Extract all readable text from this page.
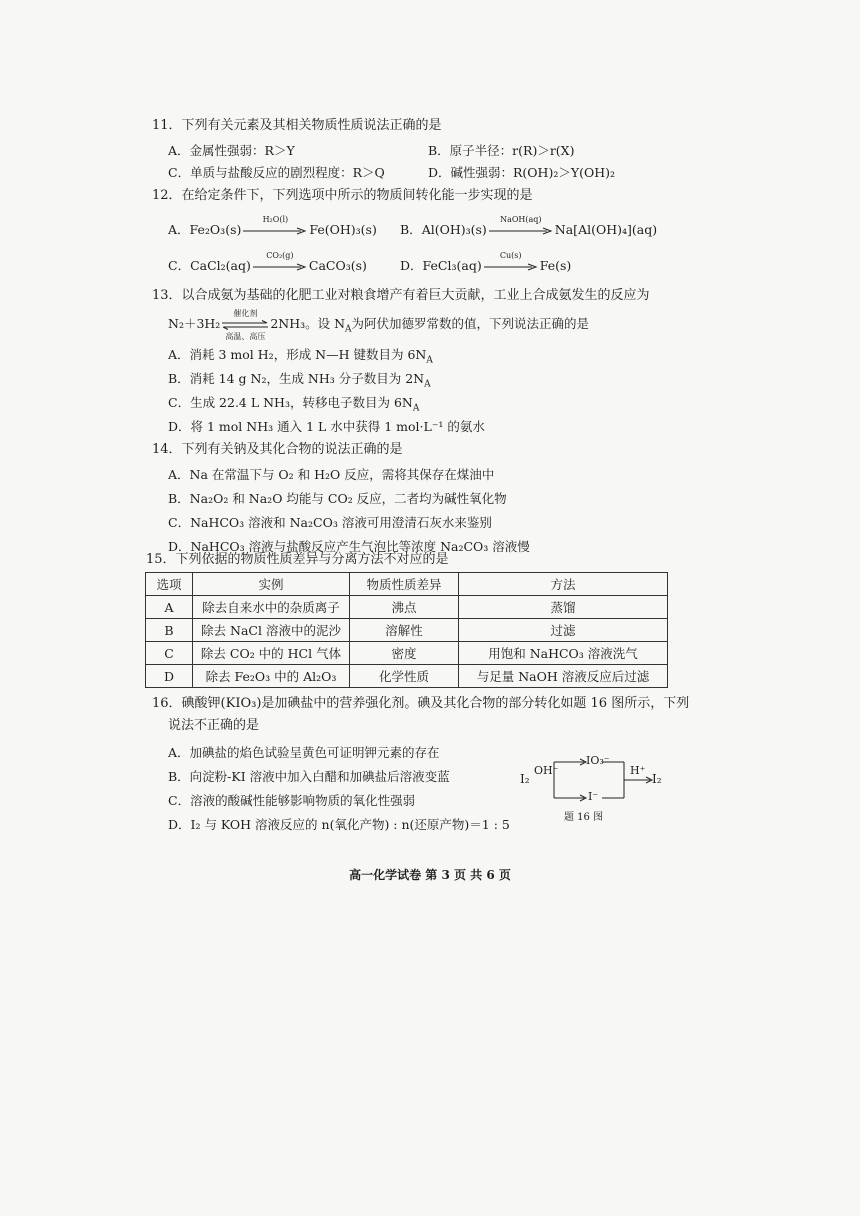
11．下列有关元素及其相关物质性质说法正确的是
A．金属性强弱：R＞Y	B．原子半径：r(R)＞r(X)
C．单质与盐酸反应的剧烈程度：R＞Q	D．碱性强弱：R(OH)₂＞Y(OH)₂
12．在给定条件下，下列选项中所示的物质间转化能一步实现的是
A．Fe₂O₃(s)
H₂O(l)
Fe(OH)₃(s) B．Al(OH)₃(s)
NaOH(aq)
Na[Al(OH)₄](aq)
C．CaCl₂(aq)
CO₂(g)
CaCO₃(s)	D．FeCl₃(aq)
Cu(s)
Fe(s)
13．以合成氨为基础的化肥工业对粮食增产有着巨大贡献，工业上合成氨发生的反应为
N₂＋3H₂
催化剂
高温、高压
2NH₃。设 $N_A$为阿伏加德罗常数的值，下列说法正确的是
A．消耗 3 mol H₂，形成 N—H 键数目为 $6N_A$
B．消耗 14 g N₂，生成 NH₃ 分子数目为 $2N_A$
C．生成 22.4 L NH₃，转移电子数目为 $6N_A$
D．将 1 mol NH₃ 通入 1 L 水中获得 1 mol·L⁻¹ 的氨水
14．下列有关钠及其化合物的说法正确的是
A．Na 在常温下与 O₂ 和 H₂O 反应，需将其保存在煤油中
B．Na₂O₂ 和 Na₂O 均能与 CO₂ 反应，二者均为碱性氧化物
C．NaHCO₃ 溶液和 Na₂CO₃ 溶液可用澄清石灰水来鉴别
D．NaHCO₃ 溶液与盐酸反应产生气泡比等浓度 Na₂CO₃ 溶液慢
15．下列依据的物质性质差异与分离方法不对应的是
选项	实例	物质性质差异	方法
A	除去自来水中的杂质离子	沸点	蒸馏
B	除去 NaCl 溶液中的泥沙	溶解性	过滤
C	除去 CO₂ 中的 HCl 气体	密度	用饱和 NaHCO₃ 溶液洗气
D	除去 Fe₂O₃ 中的 Al₂O₃	化学性质	与足量 NaOH 溶液反应后过滤
16．碘酸钾(KIO₃)是加碘盐中的营养强化剂。碘及其化合物的部分转化如题 16 图所示，下列
说法不正确的是
A．加碘盐的焰色试验呈黄色可证明钾元素的存在
B．向淀粉-KI 溶液中加入白醋和加碘盐后溶液变蓝
C．溶液的酸碱性能够影响物质的氧化性强弱
D．I₂ 与 KOH 溶液反应的 n(氧化产物) : n(还原产物)＝1 : 5
I₂
OH⁻
IO₃⁻
I⁻
H⁺
I₂
题 16 图
高一化学试卷 第 3 页 共 6 页
